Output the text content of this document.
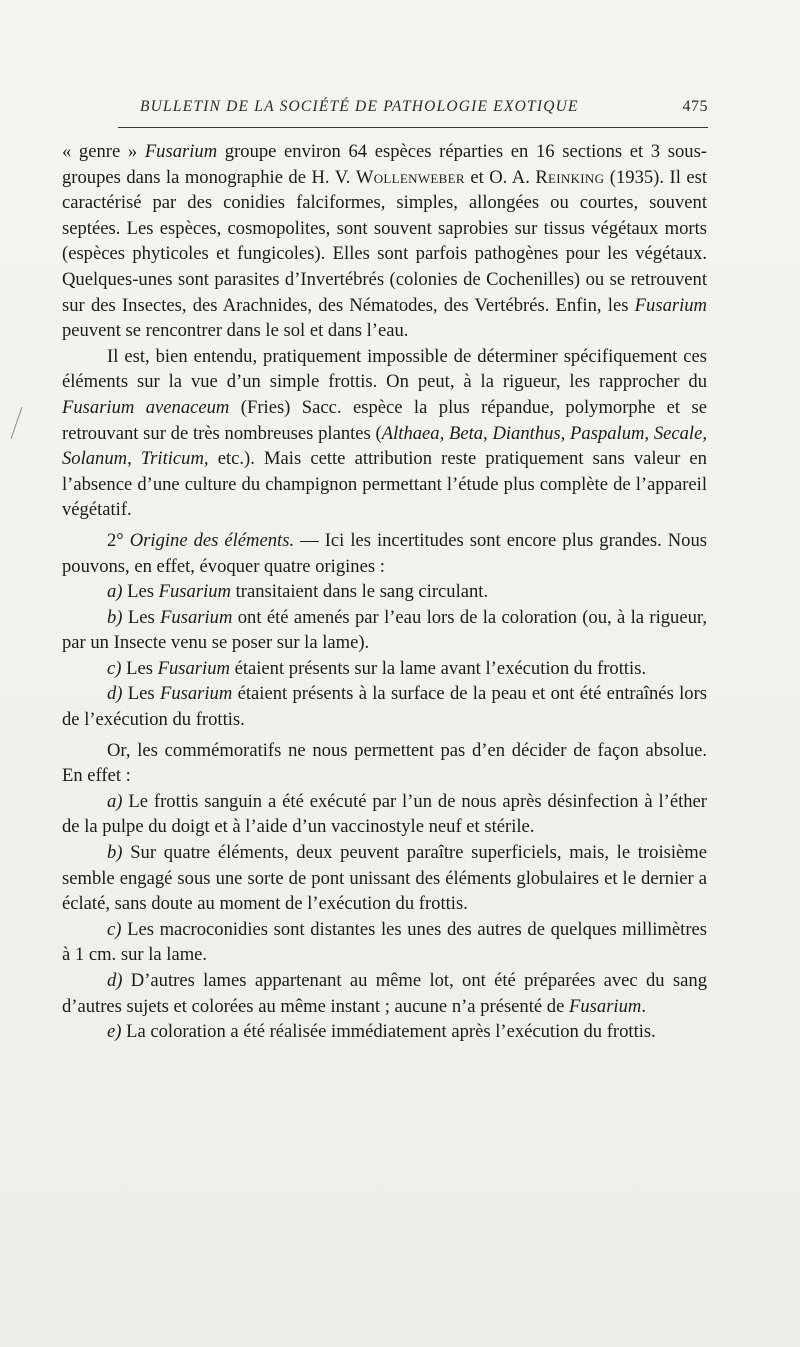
BULLETIN DE LA SOCIÉTÉ DE PATHOLOGIE EXOTIQUE	475

« genre » Fusarium groupe environ 64 espèces réparties en 16 sections et 3 sous-groupes dans la monographie de H. V. Wollenweber et O. A. Reinking (1935). Il est caractérisé par des conidies falciformes, simples, allongées ou courtes, souvent septées. Les espèces, cosmopolites, sont souvent saprobies sur tissus végétaux morts (espèces phyticoles et fungicoles). Elles sont parfois pathogènes pour les végétaux. Quelques-unes sont parasites d’Invertébrés (colonies de Cochenilles) ou se retrouvent sur des Insectes, des Arachnides, des Nématodes, des Vertébrés. Enfin, les Fusarium peuvent se rencontrer dans le sol et dans l’eau.

Il est, bien entendu, pratiquement impossible de déterminer spécifiquement ces éléments sur la vue d’un simple frottis. On peut, à la rigueur, les rapprocher du Fusarium avenaceum (Fries) Sacc. espèce la plus répandue, polymorphe et se retrouvant sur de très nombreuses plantes (Althaea, Beta, Dianthus, Paspalum, Secale, Solanum, Triticum, etc.). Mais cette attribution reste pratiquement sans valeur en l’absence d’une culture du champignon permettant l’étude plus complète de l’appareil végétatif.

2° Origine des éléments. — Ici les incertitudes sont encore plus grandes. Nous pouvons, en effet, évoquer quatre origines :

a) Les Fusarium transitaient dans le sang circulant.

b) Les Fusarium ont été amenés par l’eau lors de la coloration (ou, à la rigueur, par un Insecte venu se poser sur la lame).

c) Les Fusarium étaient présents sur la lame avant l’exécution du frottis.

d) Les Fusarium étaient présents à la surface de la peau et ont été entraînés lors de l’exécution du frottis.

Or, les commémoratifs ne nous permettent pas d’en décider de façon absolue. En effet :

a) Le frottis sanguin a été exécuté par l’un de nous après désinfection à l’éther de la pulpe du doigt et à l’aide d’un vaccinostyle neuf et stérile.

b) Sur quatre éléments, deux peuvent paraître superficiels, mais, le troisième semble engagé sous une sorte de pont unissant des éléments globulaires et le dernier a éclaté, sans doute au moment de l’exécution du frottis.

c) Les macroconidies sont distantes les unes des autres de quelques millimètres à 1 cm. sur la lame.

d) D’autres lames appartenant au même lot, ont été préparées avec du sang d’autres sujets et colorées au même instant ; aucune n’a présenté de Fusarium.

e) La coloration a été réalisée immédiatement après l’exécution du frottis.
